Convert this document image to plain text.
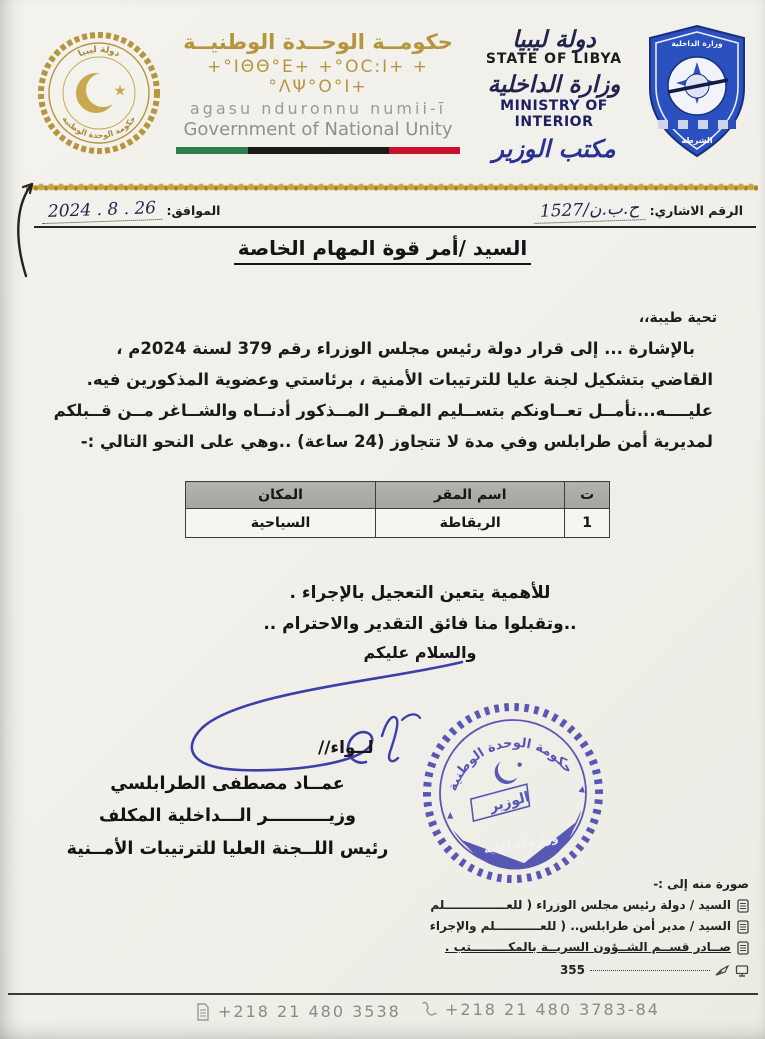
دولة ليبيا
حكومة الوحدة الوطنية
حكومــة الوحــدة الوطنيــة
+°IΘΘ°E+ +°OC:I+ +°ΛΨ°O°I+
agasu nduronnu numii-ī
Government of National Unity
دولة ليبيا
STATE OF LIBYA
وزارة الداخلية
MINISTRY OF INTERIOR
مكتب الوزير
وزارة الداخلية
الشرطة
الرقم الاشاري: ح.ب.ن/1527
الموافق: 2024 . 8 . 26
السيد /أمر قوة المهام الخاصة
تحية طيبة،،
بالإشارة ... إلى قرار دولة رئيس مجلس الوزراء رقم 379 لسنة 2024م ، القاضي بتشكيل لجنة عليا للترتيبات الأمنية ، برئاستي وعضوية المذكورين فيه.
عليــــه...نأمــل تعــاونكم بتســليم المقــر المــذكور أدنــاه والشــاغر مــن قــبلكم لمديرية أمن طرابلس وفي مدة لا تتجاوز (24 ساعة) ..وهي على النحو التالي :-
ت	اسم المقر	المكان
1	الريقاطة	السياحية
للأهمية يتعين التعجيل بالإجراء .
..وتقبلوا منا فائق التقدير والاحترام ..
والسلام عليكم
لــواء//
عمــاد مصطفى الطرابلسي
وزيــــــــــر الـــداخلية المكلف
رئيس اللــجنة العليا للترتيبات الأمــنية
حكومة الوحدة الوطنية
الوزير
وزارة الداخلية
صورة منه إلى :-
السيد / دولة رئيس مجلس الوزراء ( للعـــــــــــــــلم
السيد / مدير أمن طرابلس.. ( للعـــــــــــلم والإجراء
صــادر قســم الشــؤون السريــة بالمكـــــــــتب .
355
+218 21 480 3538	+218 21 480 3783-84
